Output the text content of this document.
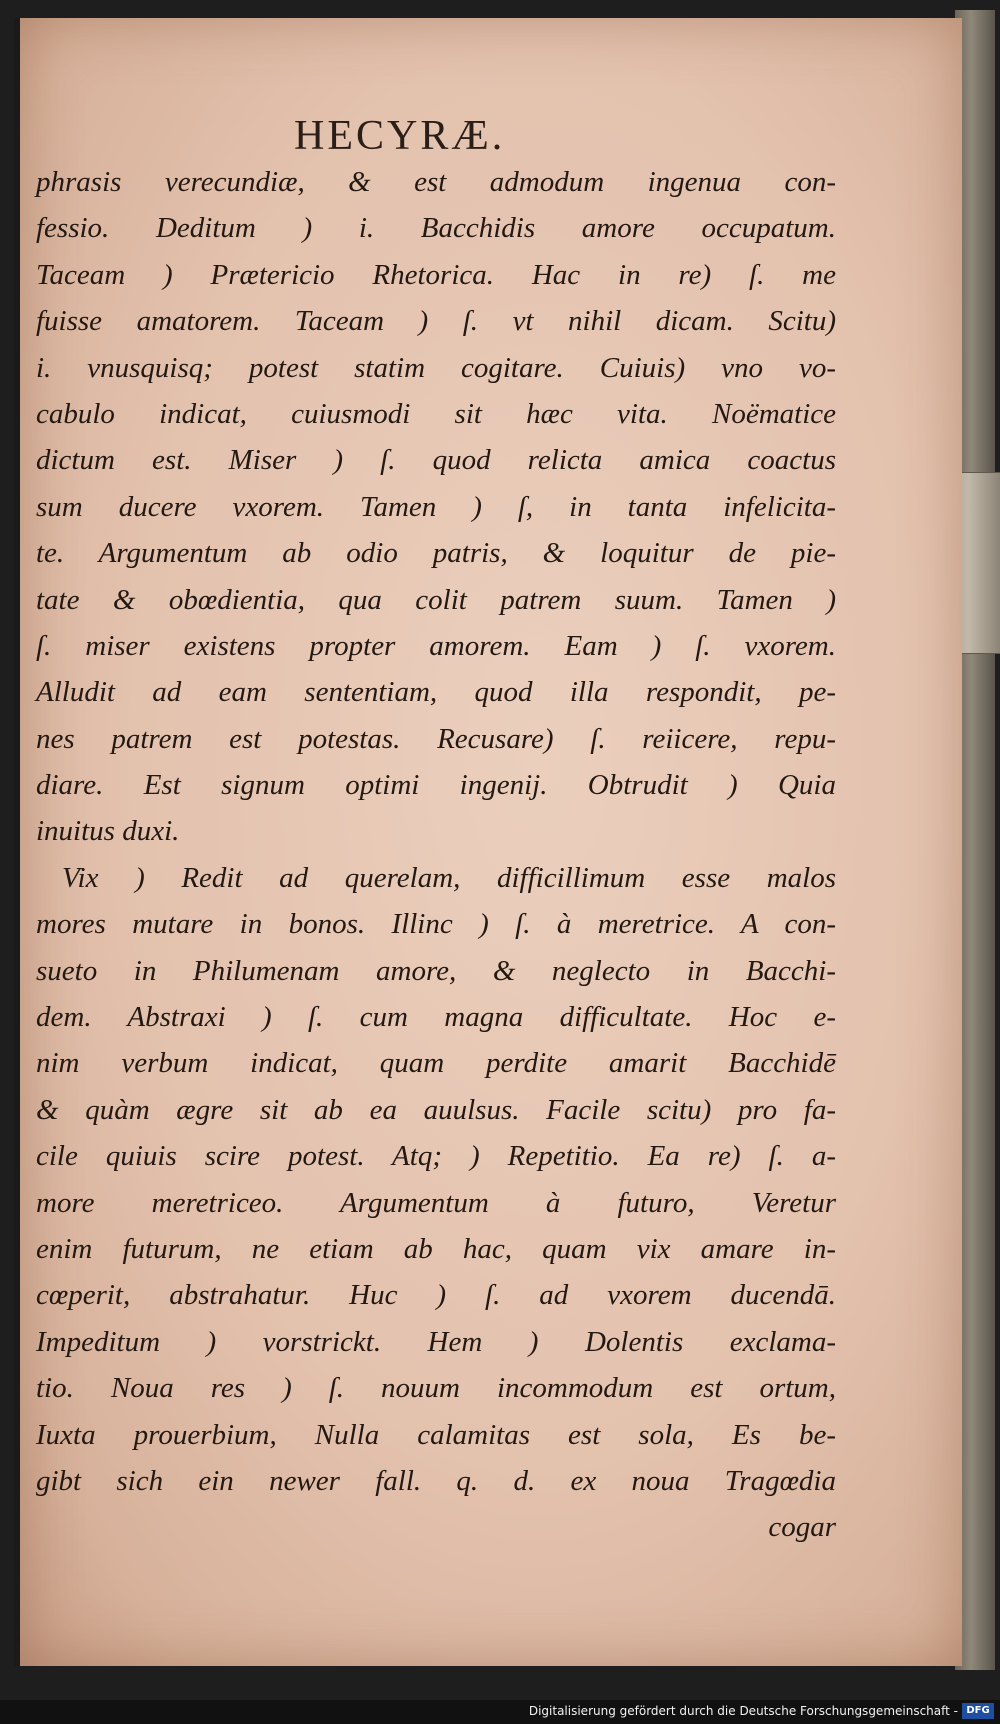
HECYRÆ.
phrasis verecundiæ, & est admodum ingenua con-
fessio. Deditum ) i. Bacchidis amore occupatum.
Taceam ) Prætericio Rhetorica. Hac in re) ſ. me
fuisse amatorem. Taceam ) ſ. vt nihil dicam. Scitu)
i. vnusquisq; potest statim cogitare. Cuiuis) vno vo-
cabulo indicat, cuiusmodi sit hæc vita. Noëmatice
dictum est. Miser ) ſ. quod relicta amica coactus
sum ducere vxorem. Tamen ) ſ, in tanta infelicita-
te. Argumentum ab odio patris, & loquitur de pie-
tate & obœdientia, qua colit patrem suum. Tamen )
ſ. miser existens propter amorem. Eam ) ſ. vxorem.
Alludit ad eam sententiam, quod illa respondit, pe-
nes patrem est potestas. Recusare) ſ. reiicere, repu-
diare. Est signum optimi ingenij. Obtrudit ) Quia
inuitus duxi.
Vix ) Redit ad querelam, difficillimum esse malos
mores mutare in bonos. Illinc ) ſ. à meretrice. A con-
sueto in Philumenam amore, & neglecto in Bacchi-
dem. Abstraxi ) ſ. cum magna difficultate. Hoc e-
nim verbum indicat, quam perdite amarit Bacchidē
& quàm ægre sit ab ea auulsus. Facile scitu) pro fa-
cile quiuis scire potest. Atq; ) Repetitio. Ea re) ſ. a-
more meretriceo. Argumentum à futuro, Veretur
enim futurum, ne etiam ab hac, quam vix amare in-
cœperit, abstrahatur. Huc ) ſ. ad vxorem ducendā.
Impeditum ) vorstrickt. Hem ) Dolentis exclama-
tio. Noua res ) ſ. nouum incommodum est ortum,
Iuxta prouerbium, Nulla calamitas est sola, Es be-
gibt sich ein newer fall. q. d. ex noua Tragœdia
cogar
Digitalisierung gefördert durch die Deutsche Forschungsgemeinschaft - DFG
